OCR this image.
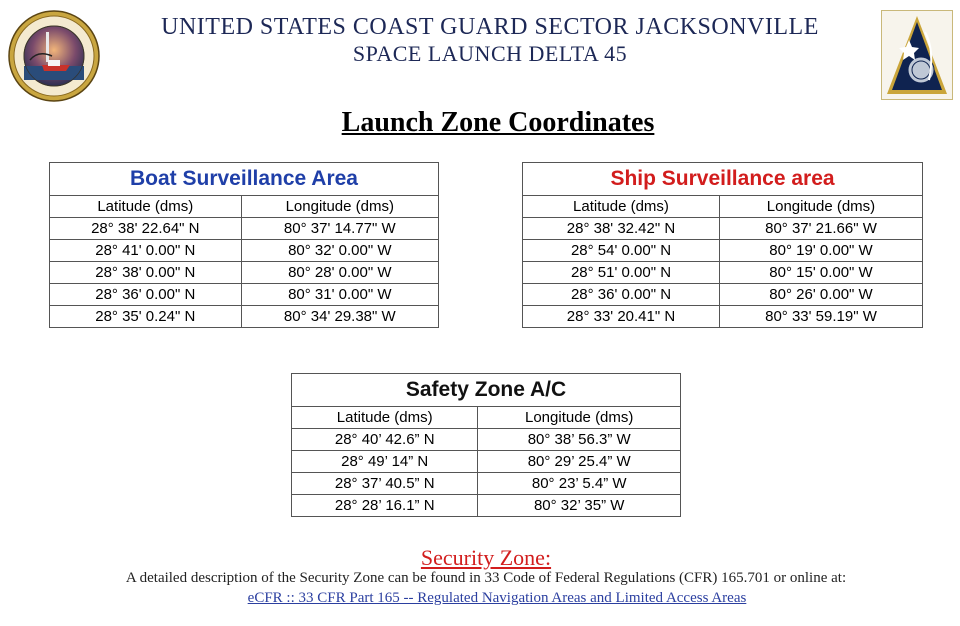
UNITED STATES COAST GUARD SECTOR JACKSONVILLE
SPACE LAUNCH DELTA 45
Launch Zone Coordinates
Boat Surveillance Area	
Latitude (dms)	Longitude (dms)
28° 38' 22.64" N	80° 37' 14.77" W
28° 41' 0.00" N	80° 32' 0.00" W
28° 38' 0.00" N	80° 28' 0.00" W
28° 36' 0.00" N	80° 31' 0.00" W
28° 35' 0.24" N	80° 34' 29.38" W
Ship Surveillance area	
Latitude (dms)	Longitude (dms)
28° 38' 32.42" N	80° 37' 21.66" W
28° 54' 0.00" N	80° 19' 0.00" W
28° 51' 0.00" N	80° 15' 0.00" W
28° 36' 0.00" N	80° 26' 0.00" W
28° 33' 20.41" N	80° 33' 59.19" W
Safety Zone A/C	
Latitude (dms)	Longitude (dms)
28° 40’ 42.6” N	80° 38’ 56.3” W
28° 49’ 14” N	80° 29’ 25.4” W
28° 37’ 40.5” N	80° 23’ 5.4” W
28° 28’ 16.1” N	80° 32’ 35” W
Security Zone:
A detailed description of the Security Zone can be found in 33 Code of Federal Regulations (CFR) 165.701 or online at:
eCFR :: 33 CFR Part 165 -- Regulated Navigation Areas and Limited Access Areas
